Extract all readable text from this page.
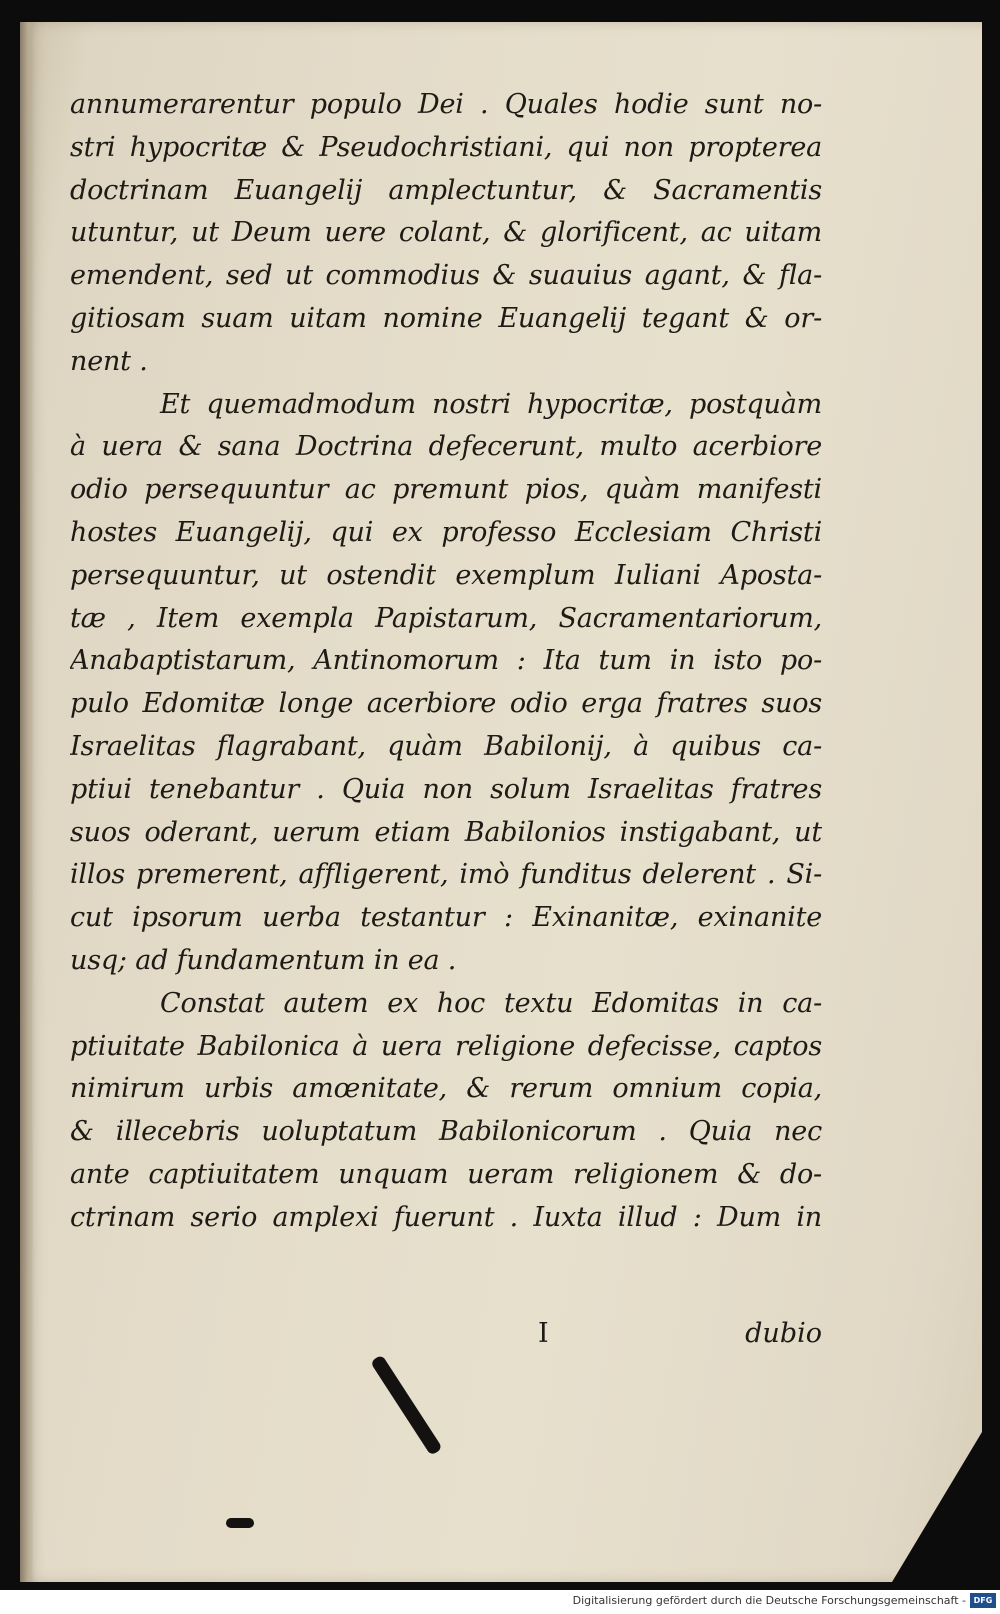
annumerarentur populo Dei . Quales hodie sunt no-
stri hypocritæ & Pseudochristiani, qui non propterea
doctrinam Euangelij amplectuntur, & Sacramentis
utuntur, ut Deum uere colant, & glorificent, ac uitam
emendent, sed ut commodius & suauius agant, & fla-
gitiosam suam uitam nomine Euangelij tegant & or-
nent .
Et quemadmodum nostri hypocritæ, postquàm
à uera & sana Doctrina defecerunt, multo acerbiore
odio persequuntur ac premunt pios, quàm manifesti
hostes Euangelij, qui ex professo Ecclesiam Christi
persequuntur, ut ostendit exemplum Iuliani Aposta-
tæ , Item exempla Papistarum, Sacramentariorum,
Anabaptistarum, Antinomorum : Ita tum in isto po-
pulo Edomitæ longe acerbiore odio erga fratres suos
Israelitas flagrabant, quàm Babilonij, à quibus ca-
ptiui tenebantur . Quia non solum Israelitas fratres
suos oderant, uerum etiam Babilonios instigabant, ut
illos premerent, affligerent, imò funditus delerent . Si-
cut ipsorum uerba testantur : Exinanitæ, exinanite
usq; ad fundamentum in ea .
Constat autem ex hoc textu Edomitas in ca-
ptiuitate Babilonica à uera religione defecisse, captos
nimirum urbis amœnitate, & rerum omnium copia,
& illecebris uoluptatum Babilonicorum . Quia nec
ante captiuitatem unquam ueram religionem & do-
ctrinam serio amplexi fuerunt . Iuxta illud : Dum in
I	dubio
Digitalisierung gefördert durch die Deutsche Forschungsgemeinschaft - DFG
